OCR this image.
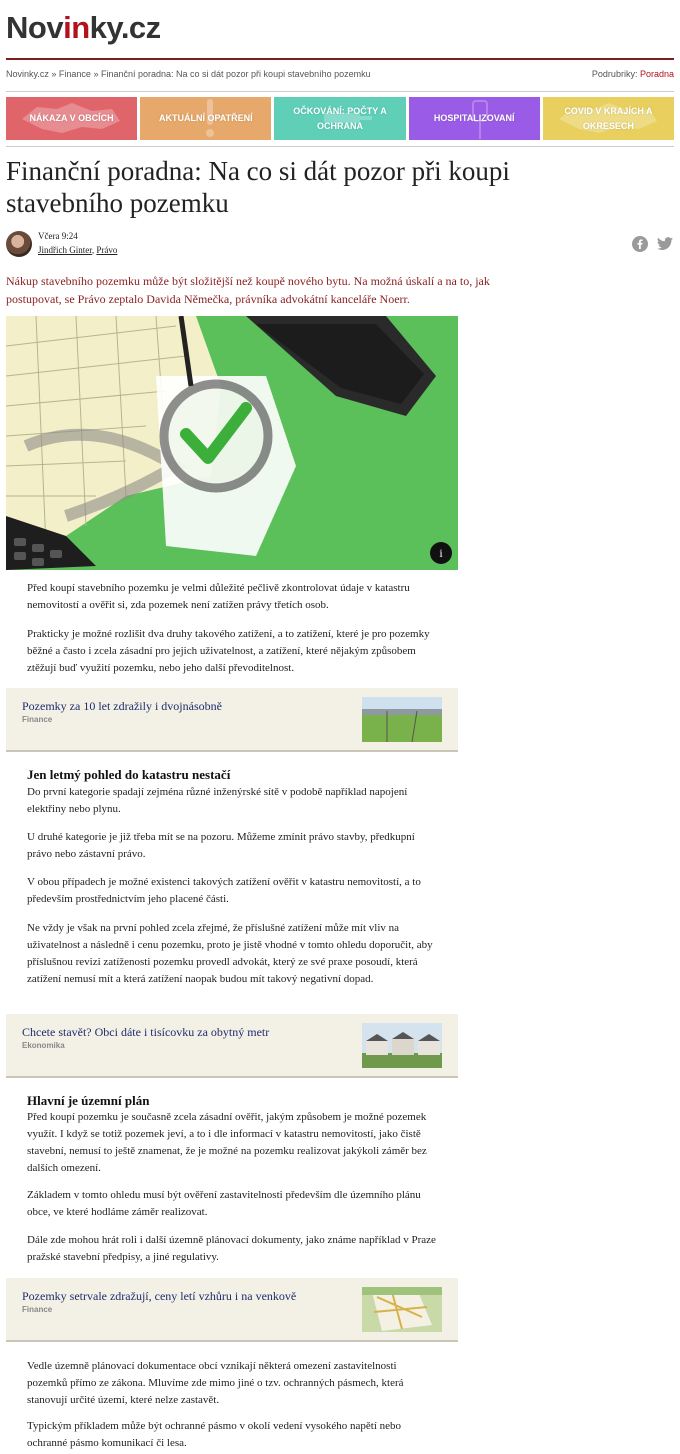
Novinky.cz
Novinky.cz » Finance » Finanční poradna: Na co si dát pozor při koupi stavebního pozemku	Podrubriky: Poradna
NÁKAZA V OBCÍCH	AKTUÁLNÍ OPATŘENÍ
OČKOVÁNÍ: POČTY A OCHRANA
HOSPITALIZOVANÍ
COVID V KRAJÍCH A OKRESECH
Finanční poradna: Na co si dát pozor při koupi stavebního pozemku
Včera 9:24
Jindřich Ginter, Právo

Nákup stavebního pozemku může být složitější než koupě nového bytu. Na možná úskalí a na to, jak postupovat, se Právo zeptalo Davida Němečka, právníka advokátní kanceláře Noerr.

i

Před koupí stavebního pozemku je velmi důležité pečlivě zkontrolovat údaje v katastru nemovitostí a ověřit si, zda pozemek není zatížen právy třetích osob.

Prakticky je možné rozlišit dva druhy takového zatížení, a to zatížení, které je pro pozemky běžné a často i zcela zásadní pro jejich uživatelnost, a zatížení, které nějakým způsobem ztěžují buď využití pozemku, nebo jeho další převoditelnost.

Pozemky za 10 let zdražily i dvojnásobně
Finance
Jen letmý pohled do katastru nestačí

Do první kategorie spadají zejména různé inženýrské sítě v podobě například napojení elektřiny nebo plynu.

U druhé kategorie je již třeba mít se na pozoru. Můžeme zmínit právo stavby, předkupní právo nebo zástavní právo.

V obou případech je možné existenci takových zatížení ověřit v katastru nemovitostí, a to především prostřednictvím jeho placené části.

Ne vždy je však na první pohled zcela zřejmé, že příslušné zatížení může mít vliv na uživatelnost a následně i cenu pozemku, proto je jistě vhodné v tomto ohledu doporučit, aby příslušnou revizi zatíženosti pozemku provedl advokát, který ze své praxe posoudí, která zatížení nemusí mít a která zatížení naopak budou mít takový negativní dopad.

Chcete stavět? Obci dáte i tisícovku za obytný metr
Ekonomika
Hlavní je územní plán

Před koupí pozemku je současně zcela zásadní ověřit, jakým způsobem je možné pozemek využít. I když se totiž pozemek jeví, a to i dle informací v katastru nemovitostí, jako čistě stavební, nemusí to ještě znamenat, že je možné na pozemku realizovat jakýkoli záměr bez dalších omezení.

Základem v tomto ohledu musí být ověření zastavitelnosti především dle územního plánu obce, ve které hodláme záměr realizovat.

Dále zde mohou hrát roli i další územně plánovací dokumenty, jako známe například v Praze pražské stavební předpisy, a jiné regulativy.

Pozemky setrvale zdražují, ceny letí vzhůru i na venkově
Finance

Vedle územně plánovací dokumentace obcí vznikají některá omezení zastavitelnosti pozemků přímo ze zákona. Mluvíme zde mimo jiné o tzv. ochranných pásmech, která stanovují určité území, které nelze zastavět.

Typickým příkladem může být ochranné pásmo v okolí vedení vysokého napětí nebo ochranné pásmo komunikací či lesa.
